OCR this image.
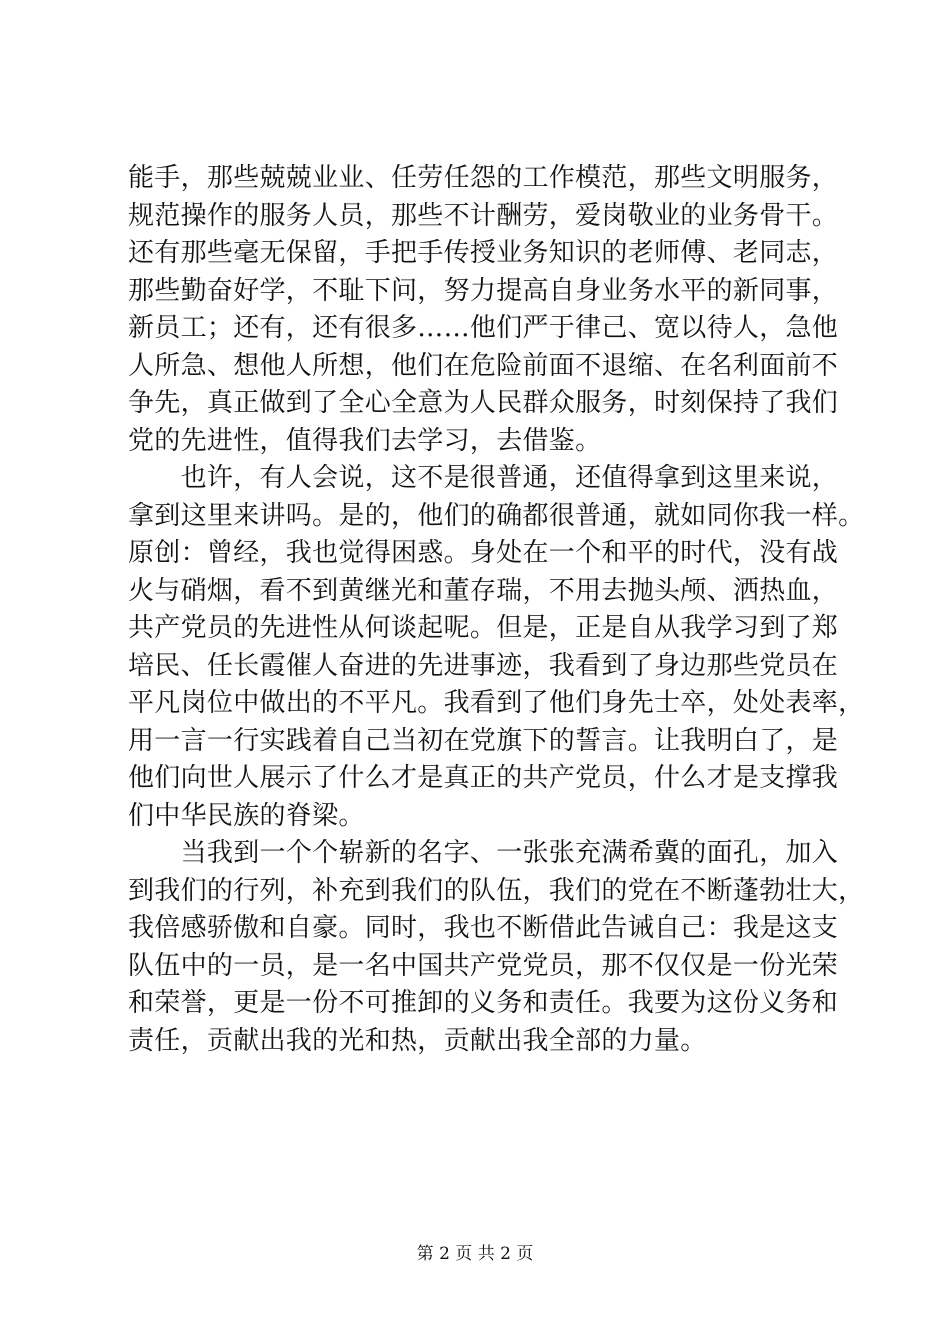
能手，那些兢兢业业、任劳任怨的工作模范，那些文明服务，
规范操作的服务人员，那些不计酬劳，爱岗敬业的业务骨干。
还有那些毫无保留，手把手传授业务知识的老师傅、老同志，
那些勤奋好学，不耻下问，努力提高自身业务水平的新同事，
新员工；还有，还有很多……他们严于律己、宽以待人，急他
人所急、想他人所想，他们在危险前面不退缩、在名利面前不
争先，真正做到了全心全意为人民群众服务，时刻保持了我们
党的先进性，值得我们去学习，去借鉴。
　　也许，有人会说，这不是很普通，还值得拿到这里来说，
拿到这里来讲吗。是的，他们的确都很普通，就如同你我一样。
原创：曾经，我也觉得困惑。身处在一个和平的时代，没有战
火与硝烟，看不到黄继光和董存瑞，不用去抛头颅、洒热血，
共产党员的先进性从何谈起呢。但是，正是自从我学习到了郑
培民、任长霞催人奋进的先进事迹，我看到了身边那些党员在
平凡岗位中做出的不平凡。我看到了他们身先士卒，处处表率，
用一言一行实践着自己当初在党旗下的誓言。让我明白了，是
他们向世人展示了什么才是真正的共产党员，什么才是支撑我
们中华民族的脊梁。
　　当我到一个个崭新的名字、一张张充满希冀的面孔，加入
到我们的行列，补充到我们的队伍，我们的党在不断蓬勃壮大，
我倍感骄傲和自豪。同时，我也不断借此告诫自己：我是这支
队伍中的一员，是一名中国共产党党员，那不仅仅是一份光荣
和荣誉，更是一份不可推卸的义务和责任。我要为这份义务和
责任，贡献出我的光和热，贡献出我全部的力量。
第 2 页 共 2 页
